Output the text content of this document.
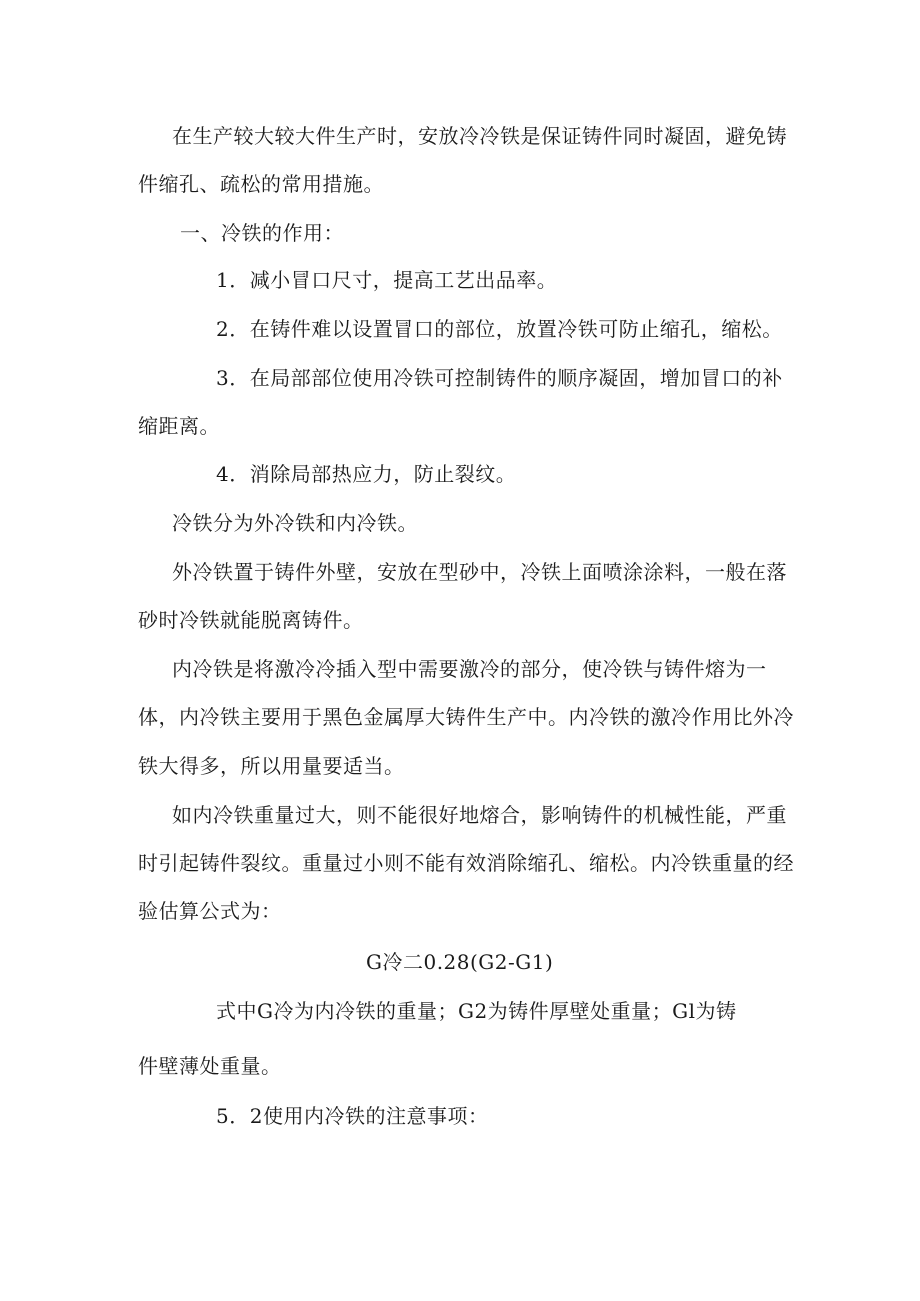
在生产较大较大件生产时，安放冷冷铁是保证铸件同时凝固，避免铸
件缩孔、疏松的常用措施。
一、冷铁的作用：
1．减小冒口尺寸，提高工艺出品率。
2．在铸件难以设置冒口的部位，放置冷铁可防止缩孔，缩松。
3．在局部部位使用冷铁可控制铸件的顺序凝固，增加冒口的补
缩距离。
4．消除局部热应力，防止裂纹。
冷铁分为外冷铁和内冷铁。
外冷铁置于铸件外壁，安放在型砂中，冷铁上面喷涂涂料，一般在落
砂时冷铁就能脱离铸件。
内冷铁是将激冷冷插入型中需要激冷的部分，使冷铁与铸件熔为一
体，内冷铁主要用于黑色金属厚大铸件生产中。内冷铁的激冷作用比外冷
铁大得多，所以用量要适当。
如内冷铁重量过大，则不能很好地熔合，影响铸件的机械性能，严重
时引起铸件裂纹。重量过小则不能有效消除缩孔、缩松。内冷铁重量的经
验估算公式为：
G冷二0.28(G2-G1)
式中G冷为内冷铁的重量；G2为铸件厚壁处重量；Gl为铸
件壁薄处重量。
5．2使用内冷铁的注意事项：
